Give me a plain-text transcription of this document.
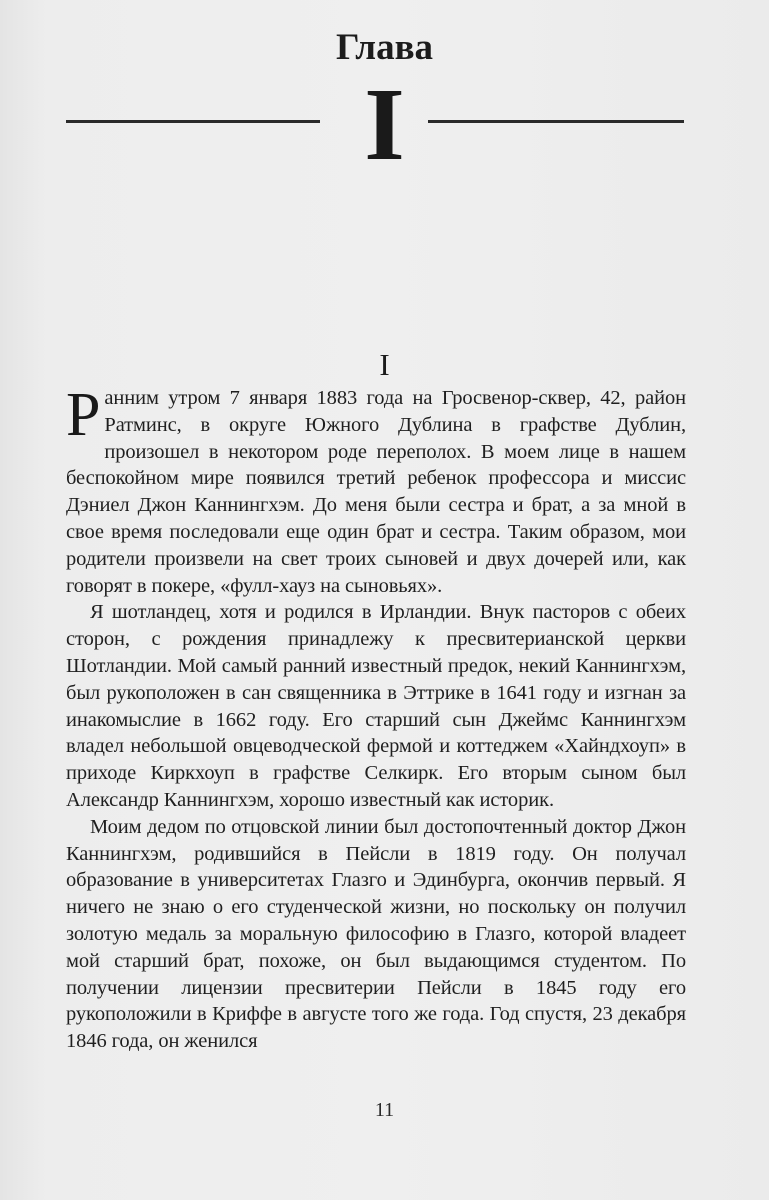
Глава
I
I

Ранним утром 7 января 1883 года на Гросвенор-сквер, 42, район Ратминс, в округе Южного Дублина в графстве Дублин, произошел в некотором роде переполох. В моем лице в нашем беспокойном мире появился третий ребенок профессора и миссис Дэниел Джон Каннингхэм. До меня были сестра и брат, а за мной в свое время последовали еще один брат и сестра. Таким образом, мои родители произвели на свет троих сыновей и двух дочерей или, как говорят в покере, «фулл-хауз на сыновьях».

Я шотландец, хотя и родился в Ирландии. Внук пасторов с обеих сторон, с рождения принадлежу к пресвитерианской церкви Шотландии. Мой самый ранний известный предок, некий Каннингхэм, был рукоположен в сан священника в Эттрике в 1641 году и изгнан за инакомыслие в 1662 году. Его старший сын Джеймс Каннингхэм владел небольшой овцеводческой фермой и коттеджем «Хайндхоуп» в приходе Киркхоуп в графстве Селкирк. Его вторым сыном был Александр Каннингхэм, хорошо известный как историк.

Моим дедом по отцовской линии был достопочтенный доктор Джон Каннингхэм, родившийся в Пейсли в 1819 году. Он получал образование в университетах Глазго и Эдинбурга, окончив первый. Я ничего не знаю о его студенческой жизни, но поскольку он получил золотую медаль за моральную философию в Глазго, которой владеет мой старший брат, похоже, он был выдающимся студентом. По получении лицензии пресвитерии Пейсли в 1845 году его рукоположили в Криффе в августе того же года. Год спустя, 23 декабря 1846 года, он женился

11
